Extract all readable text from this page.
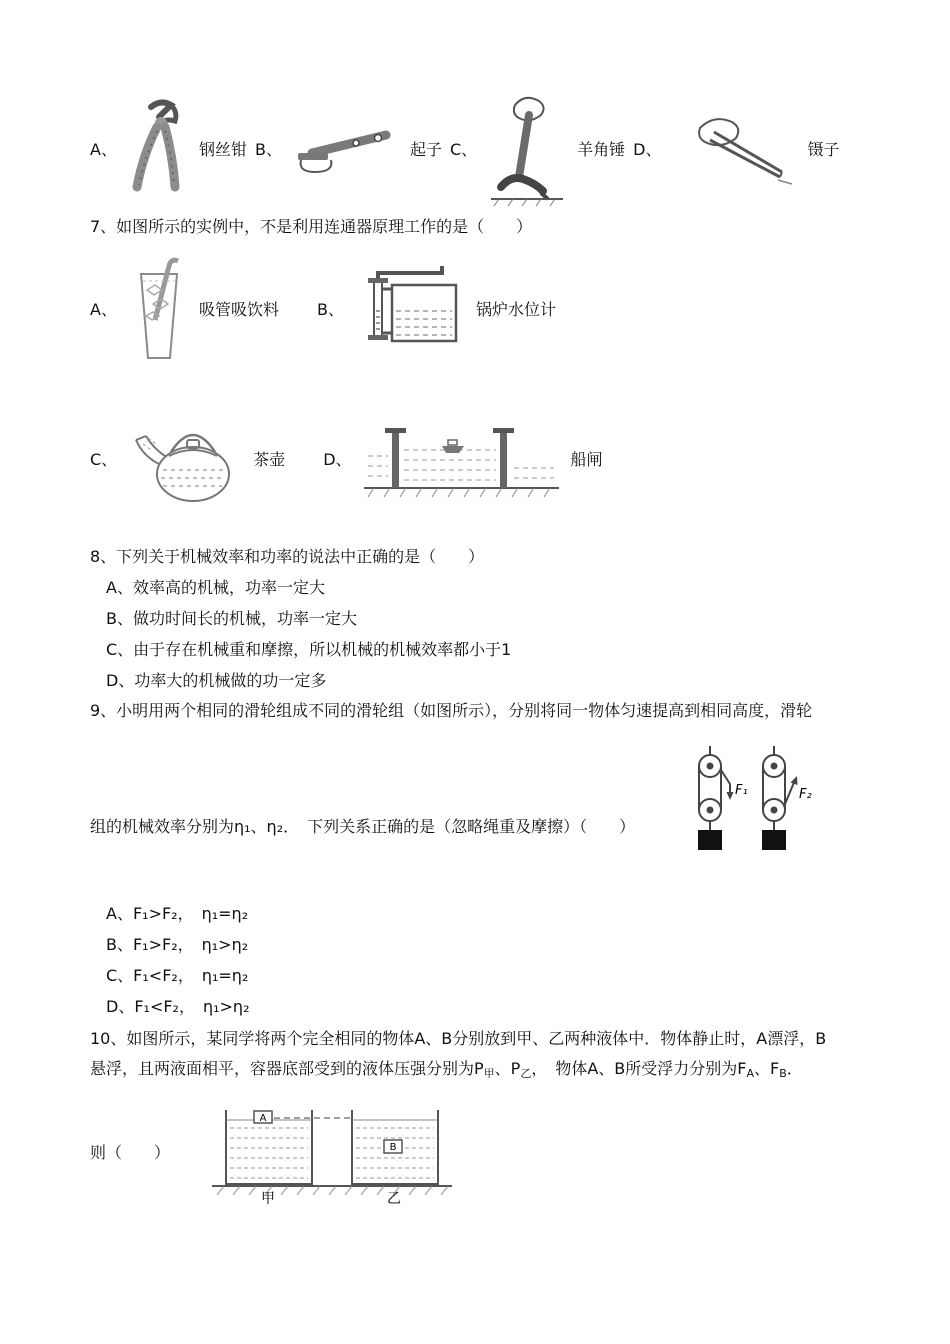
A、	钢丝钳 B、	起子 C、	羊角锤 D、	镊子
7、如图所示的实例中，不是利用连通器原理工作的是（　　）
A、	吸管吸饮料 B、	锅炉水位计
C、	茶壶 D、	船闸
8、下列关于机械效率和功率的说法中正确的是（　　）

A、效率高的机械，功率一定大

B、做功时间长的机械，功率一定大

C、由于存在机械重和摩擦，所以机械的机械效率都小于1

D、功率大的机械做的功一定多

9、小明用两个相同的滑轮组成不同的滑轮组（如图所示），分别将同一物体匀速提高到相同高度，滑轮
F₁	F₂
组的机械效率分别为η₁、η₂．　下列关系正确的是（忽略绳重及摩擦）（　　）

A、F₁>F₂，　η₁=η₂

B、F₁>F₂，　η₁>η₂

C、F₁<F₂，　η₁=η₂

D、F₁<F₂，　η₁>η₂

10、如图所示，某同学将两个完全相同的物体A、B分别放到甲、乙两种液体中．物体静止时，A漂浮，B
悬浮，且两液面相平，容器底部受到的液体压强分别为P甲、P乙，　物体A、B所受浮力分别为FA、FB．
则（　　）
A
B
甲	乙
